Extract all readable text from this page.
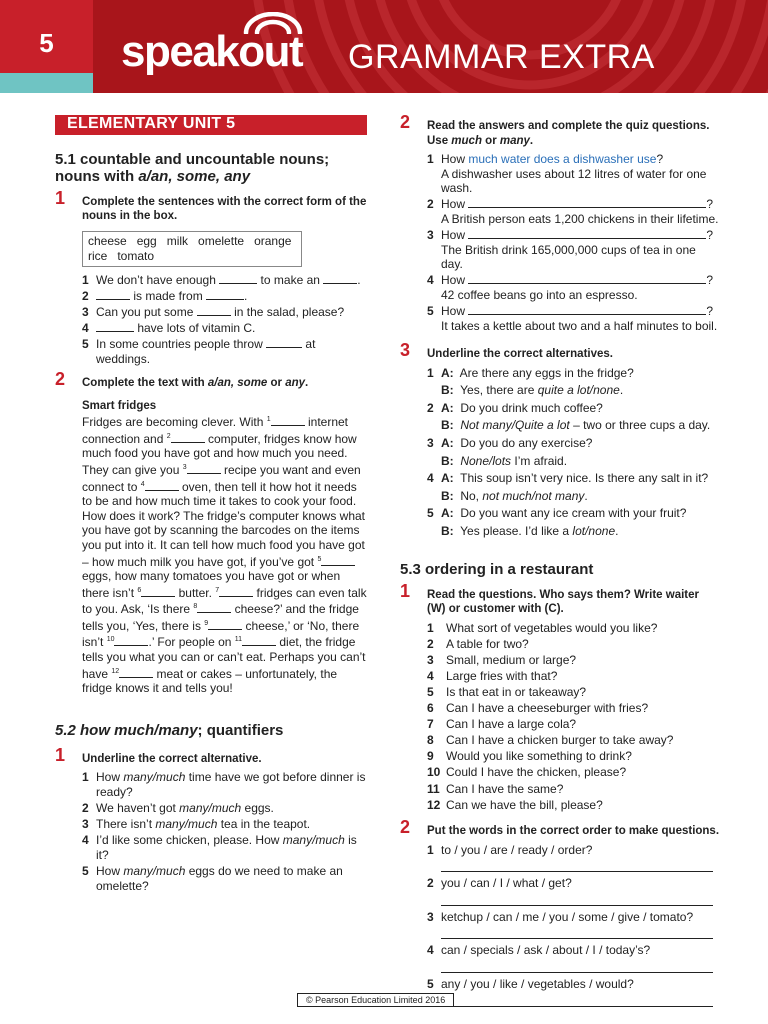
5	speak
out GRAMMAR EXTRA
ELEMENTARY UNIT 5
5.1 countable and uncountable nouns;
nouns with a/an, some, any
1 Complete the sentences with the correct form of the nouns in the box.
cheese   egg   milk   omelette   orange
rice   tomato
1 We don’t have enough	to make an	.
2	is made from	.
3 Can you put some	in the salad, please?
4	have lots of vitamin C.
5 In some countries people throw	at weddings.
2 Complete the text with a/an, some or any.
Smart fridges

Fridges are becoming clever. With $^1$	internet connection and $^2$	computer, fridges know how much food you have got and how much you need. They can give you $^3$	recipe you want and even connect to $^4$	oven, then tell it how hot it needs to be and how much time it takes to cook your food. How does it work? The fridge’s computer knows what you have got by scanning the barcodes on the items you put into it. It can tell how much food you have got – how much milk you have got, if you’ve got $^5$ eggs, how many tomatoes you have got or when there isn’t $^6$	butter. $^7$	fridges can even talk to you. Ask, ‘Is there $^8$	cheese?’ and the fridge tells you, ‘Yes, there is $^9$	cheese,’ or ‘No, there isn’t $^{10}$	.’ For people on $^{11}$	diet, the fridge tells you what you can or can’t eat. Perhaps you can’t have $^{12}$	meat or cakes – unfortunately, the fridge knows it and tells you!

5.2 how much/many; quantifiers
1 Underline the correct alternative.
1 How many/much time have we got before dinner is ready?
2 We haven’t got many/much eggs.
3 There isn’t many/much tea in the teapot.
4 I’d like some chicken, please. How many/much is it?
5 How many/much eggs do we need to make an omelette?
2 Read the answers and complete the quiz questions. Use much or many.
1 How much water does a dishwasher use?
A dishwasher uses about 12 litres of water for one wash.
2 How	?
A British person eats 1,200 chickens in their lifetime.
3 How	?
The British drink 165,000,000 cups of tea in one day.
4 How	?
42 coffee beans go into an espresso.
5 How	?
It takes a kettle about two and a half minutes to boil.
3 Underline the correct alternatives.
1 A: Are there any eggs in the fridge?
B: Yes, there are quite a lot/none.
2 A: Do you drink much coffee?
B: Not many/Quite a lot – two or three cups a day.
3 A: Do you do any exercise?
B: None/lots I’m afraid.
4 A: This soup isn’t very nice. Is there any salt in it?
B: No, not much/not many.
5 A: Do you want any ice cream with your fruit?
B: Yes please. I’d like a lot/none.
5.3 ordering in a restaurant
1 Read the questions. Who says them? Write waiter (W) or customer with (C).
1 What sort of vegetables would you like?
2 A table for two?
3 Small, medium or large?
4 Large fries with that?
5 Is that eat in or takeaway?
6 Can I have a cheeseburger with fries?
7 Can I have a large cola?
8 Can I have a chicken burger to take away?
9 Would you like something to drink?
10 Could I have the chicken, please?
11 Can I have the same?
12 Can we have the bill, please?
2 Put the words in the correct order to make questions.
1 to / you / are / ready / order?
2 you / can / I / what / get?
3 ketchup / can / me / you / some / give / tomato?
4 can / specials / ask / about / I / today’s?
5 any / you / like / vegetables / would?
© Pearson Education Limited 2016
